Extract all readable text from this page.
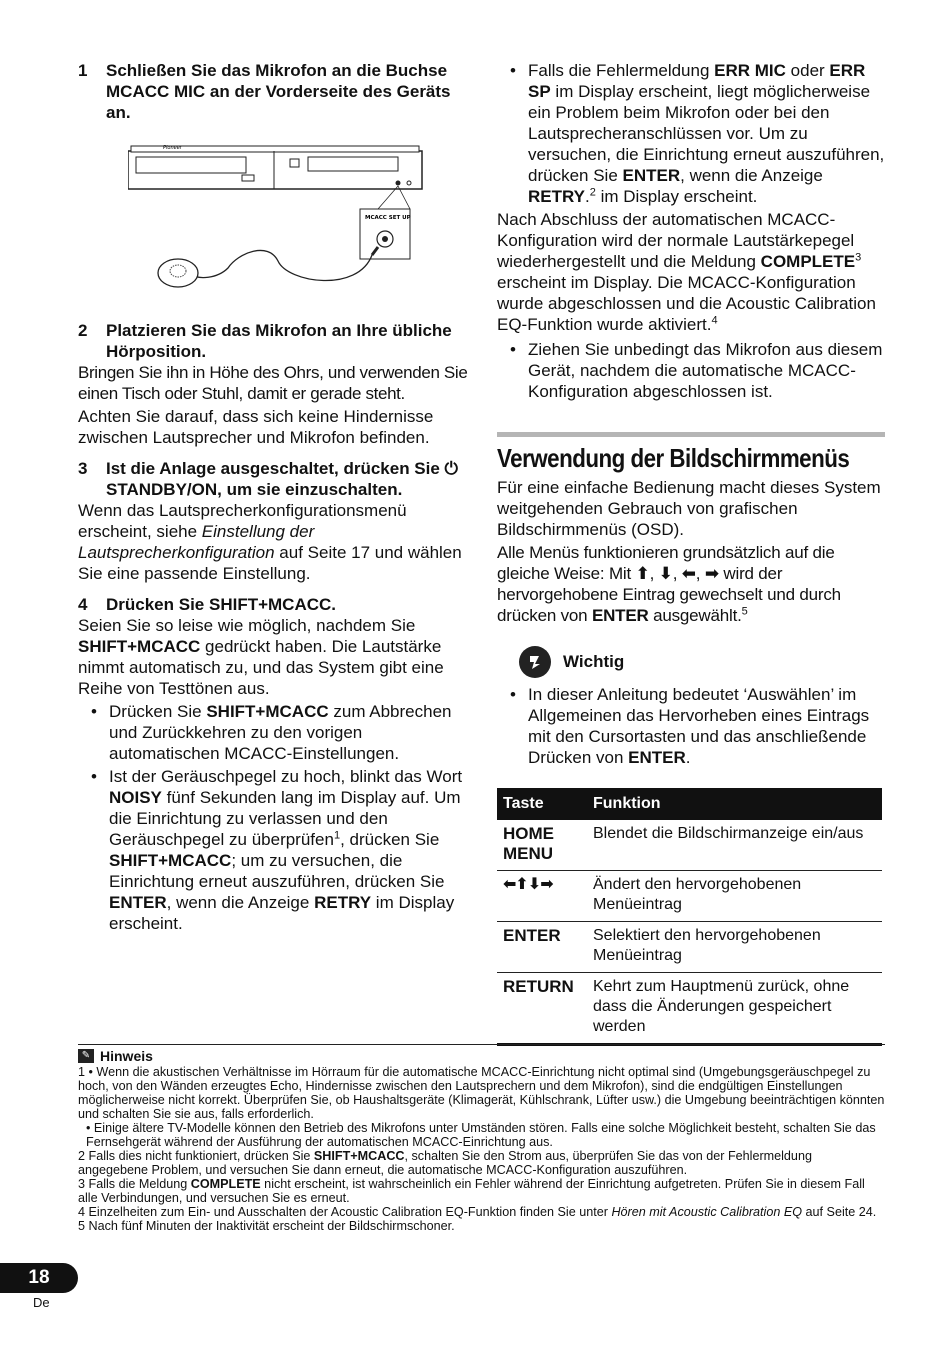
1	Schließen Sie das Mikrofon an die Buchse MCACC MIC an der Vorderseite des Geräts an.

Pioneer
MCACC SET UP

2	Platzieren Sie das Mikrofon an Ihre übliche Hörposition.

Bringen Sie ihn in Höhe des Ohrs, und verwenden Sie einen Tisch oder Stuhl, damit er gerade steht.

Achten Sie darauf, dass sich keine Hindernisse zwischen Lautsprecher und Mikrofon befinden.

3	Ist die Anlage ausgeschaltet, drücken Sie ⏻ STANDBY/ON, um sie einzuschalten.

Wenn das Lautsprecherkonfigurationsmenü erscheint, siehe Einstellung der Lautsprecherkonfiguration auf Seite 17 und wählen Sie eine passende Einstellung.

4	Drücken Sie SHIFT+MCACC.

Seien Sie so leise wie möglich, nachdem Sie SHIFT+MCACC gedrückt haben. Die Lautstärke nimmt automatisch zu, und das System gibt eine Reihe von Testtönen aus.

• Drücken Sie SHIFT+MCACC zum Abbrechen und Zurückkehren zu den vorigen automatischen MCACC-Einstellungen.

• Ist der Geräuschpegel zu hoch, blinkt das Wort NOISY fünf Sekunden lang im Display auf. Um die Einrichtung zu verlassen und den Geräuschpegel zu überprüfen$^1$, drücken Sie SHIFT+MCACC; um zu versuchen, die Einrichtung erneut auszuführen, drücken Sie ENTER, wenn die Anzeige RETRY im Display erscheint.

• Falls die Fehlermeldung ERR MIC oder ERR SP im Display erscheint, liegt möglicherweise ein Problem beim Mikrofon oder bei den Lautsprecheranschlüssen vor. Um zu versuchen, die Einrichtung erneut auszuführen, drücken Sie ENTER, wenn die Anzeige RETRY.$^2$ im Display erscheint.

Nach Abschluss der automatischen MCACC-Konfiguration wird der normale Lautstärkepegel wiederhergestellt und die Meldung COMPLETE$^3$ erscheint im Display. Die MCACC-Konfiguration wurde abgeschlossen und die Acoustic Calibration EQ-Funktion wurde aktiviert.$^4$

• Ziehen Sie unbedingt das Mikrofon aus diesem Gerät, nachdem die automatische MCACC-Konfiguration abgeschlossen ist.

Verwendung der Bildschirmmenüs

Für eine einfache Bedienung macht dieses System weitgehenden Gebrauch von grafischen Bildschirmmenüs (OSD).

Alle Menüs funktionieren grundsätzlich auf die gleiche Weise: Mit ⬆, ⬇, ⬅, ➡ wird der hervorgehobene Eintrag gewechselt und durch drücken von ENTER ausgewählt.$^5$

Wichtig

• In dieser Anleitung bedeutet ‘Auswählen’ im Allgemeinen das Hervorheben eines Eintrags mit den Cursortasten und das anschließende Drücken von ENTER.

Taste	Funktion
HOME MENU	Blendet die Bildschirmanzeige ein/aus
⬅⬆⬇➡	Ändert den hervorgehobenen Menüeintrag
ENTER	Selektiert den hervorgehobenen Menüeintrag
RETURN	Kehrt zum Hauptmenü zurück, ohne dass die Änderungen gespeichert werden
✎ Hinweis

1 • Wenn die akustischen Verhältnisse im Hörraum für die automatische MCACC-Einrichtung nicht optimal sind (Umgebungsgeräuschpegel zu hoch, von den Wänden erzeugtes Echo, Hindernisse zwischen den Lautsprechern und dem Mikrofon), sind die endgültigen Einstellungen möglicherweise nicht korrekt. Überprüfen Sie, ob Haushaltsgeräte (Klimagerät, Kühlschrank, Lüfter usw.) die Umgebung beeinträchtigen könnten und schalten Sie sie aus, falls erforderlich.

• Einige ältere TV-Modelle können den Betrieb des Mikrofons unter Umständen stören. Falls eine solche Möglichkeit besteht, schalten Sie das Fernsehgerät während der Ausführung der automatischen MCACC-Einrichtung aus.

2 Falls dies nicht funktioniert, drücken Sie SHIFT+MCACC, schalten Sie den Strom aus, überprüfen Sie das von der Fehlermeldung angegebene Problem, und versuchen Sie dann erneut, die automatische MCACC-Konfiguration auszuführen.

3 Falls die Meldung COMPLETE nicht erscheint, ist wahrscheinlich ein Fehler während der Einrichtung aufgetreten. Prüfen Sie in diesem Fall alle Verbindungen, und versuchen Sie es erneut.

4 Einzelheiten zum Ein- und Ausschalten der Acoustic Calibration EQ-Funktion finden Sie unter Hören mit Acoustic Calibration EQ auf Seite 24.

5 Nach fünf Minuten der Inaktivität erscheint der Bildschirmschoner.

18
De
